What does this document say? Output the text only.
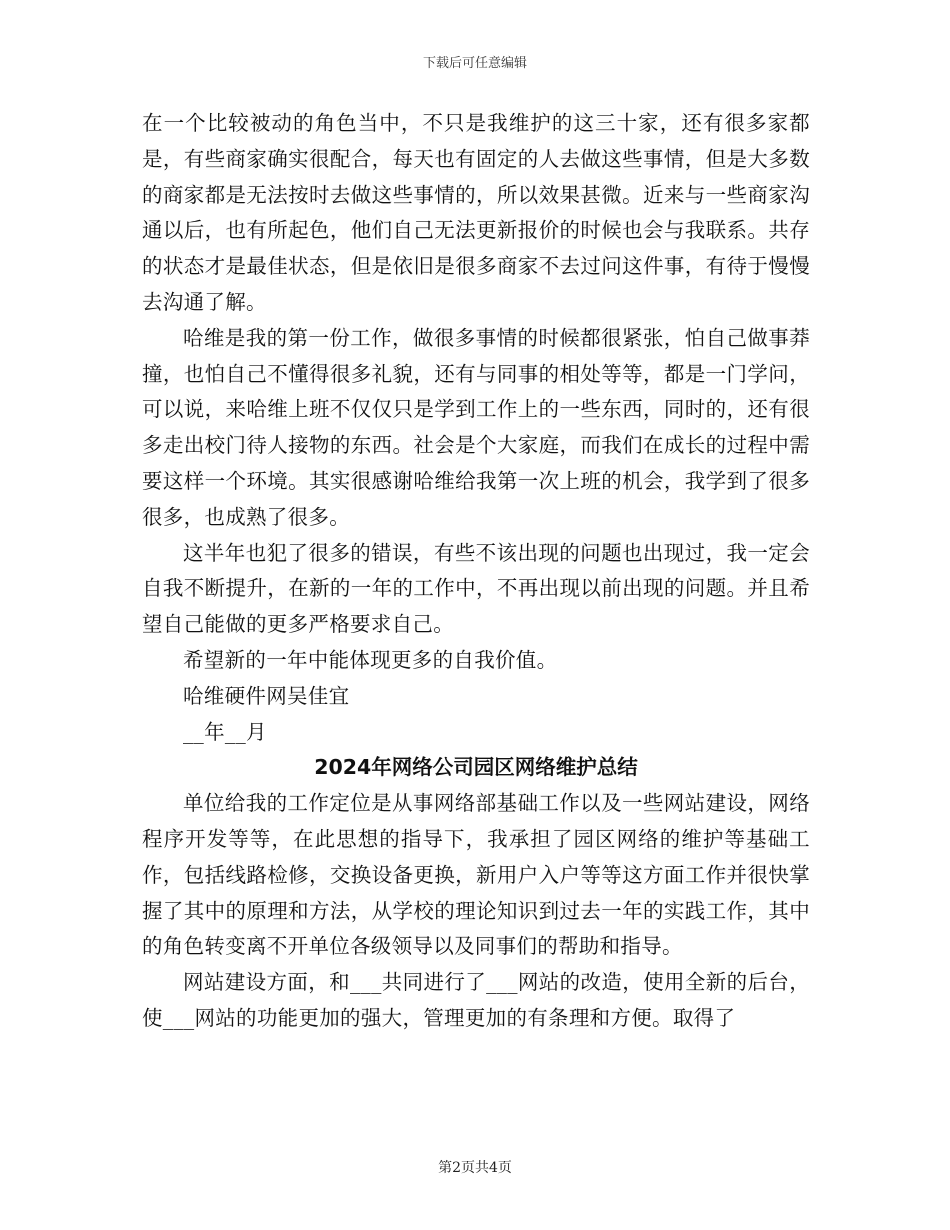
下载后可任意编辑

在一个比较被动的角色当中，不只是我维护的这三十家，还有很多家都是，有些商家确实很配合，每天也有固定的人去做这些事情，但是大多数的商家都是无法按时去做这些事情的，所以效果甚微。近来与一些商家沟通以后，也有所起色，他们自己无法更新报价的时候也会与我联系。共存的状态才是最佳状态，但是依旧是很多商家不去过问这件事，有待于慢慢去沟通了解。

哈维是我的第一份工作，做很多事情的时候都很紧张，怕自己做事莽撞，也怕自己不懂得很多礼貌，还有与同事的相处等等，都是一门学问，可以说，来哈维上班不仅仅只是学到工作上的一些东西，同时的，还有很多走出校门待人接物的东西。社会是个大家庭，而我们在成长的过程中需要这样一个环境。其实很感谢哈维给我第一次上班的机会，我学到了很多很多，也成熟了很多。

这半年也犯了很多的错误，有些不该出现的问题也出现过，我一定会自我不断提升，在新的一年的工作中，不再出现以前出现的问题。并且希望自己能做的更多严格要求自己。

希望新的一年中能体现更多的自我价值。

哈维硬件网吴佳宜

__年__月

2024年网络公司园区网络维护总结

单位给我的工作定位是从事网络部基础工作以及一些网站建设，网络程序开发等等，在此思想的指导下，我承担了园区网络的维护等基础工作，包括线路检修，交换设备更换，新用户入户等等这方面工作并很快掌握了其中的原理和方法，从学校的理论知识到过去一年的实践工作，其中的角色转变离不开单位各级领导以及同事们的帮助和指导。

网站建设方面，和___共同进行了___网站的改造，使用全新的后台，使___网站的功能更加的强大，管理更加的有条理和方便。取得了

第2页共4页
